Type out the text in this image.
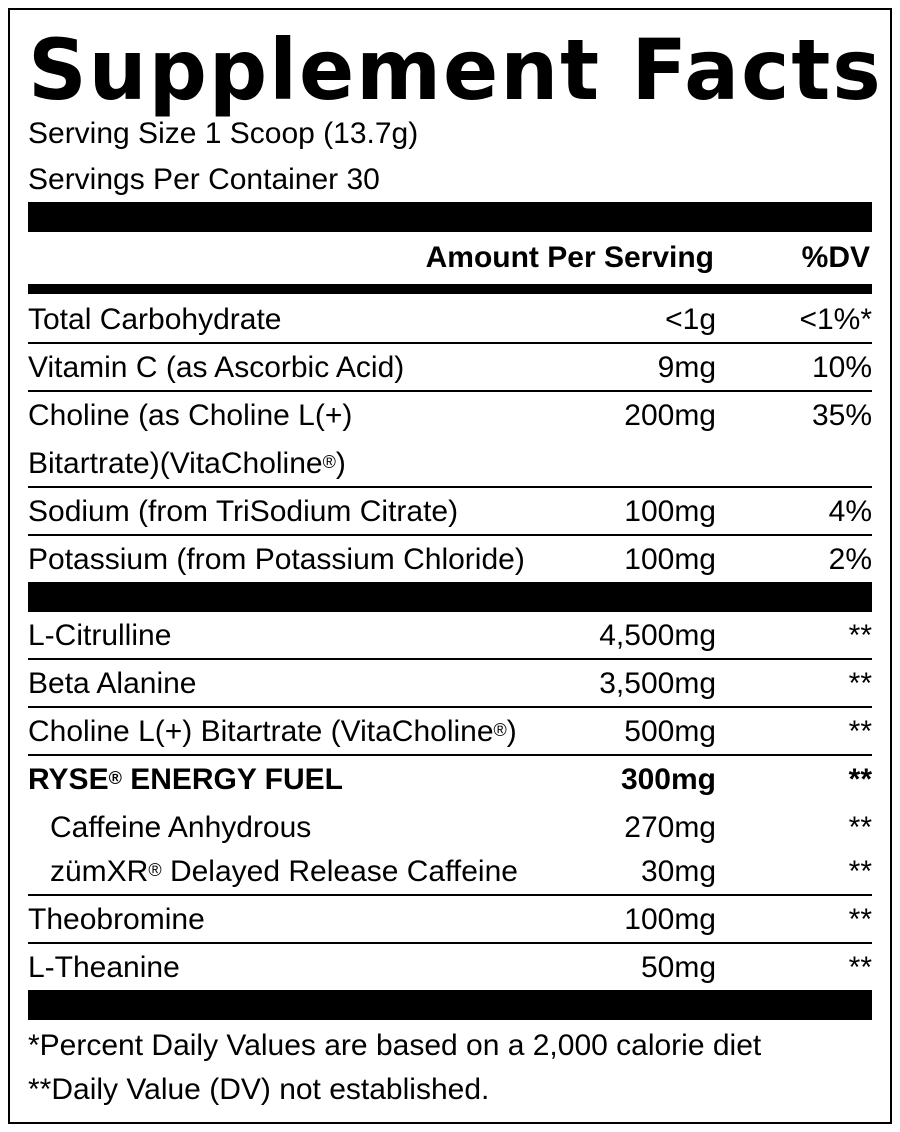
Supplement Facts
Serving Size 1 Scoop (13.7g)
Servings Per Container 30
Amount Per Serving	%DV
Total Carbohydrate	<1g	<1%*
Vitamin C (as Ascorbic Acid)	9mg	10%
Choline (as Choline L(+)	200mg	35%
Bitartrate)(VitaCholine®)
Sodium (from TriSodium Citrate)	100mg	4%
Potassium (from Potassium Chloride)	100mg	2%
L-Citrulline	4,500mg	**
Beta Alanine	3,500mg	**
Choline L(+) Bitartrate (VitaCholine®)	500mg	**
RYSE® ENERGY FUEL	300mg	**
Caffeine Anhydrous	270mg	**
zümXR® Delayed Release Caffeine	30mg	**
Theobromine	100mg	**
L-Theanine	50mg	**
*Percent Daily Values are based on a 2,000 calorie diet
**Daily Value (DV) not established.
